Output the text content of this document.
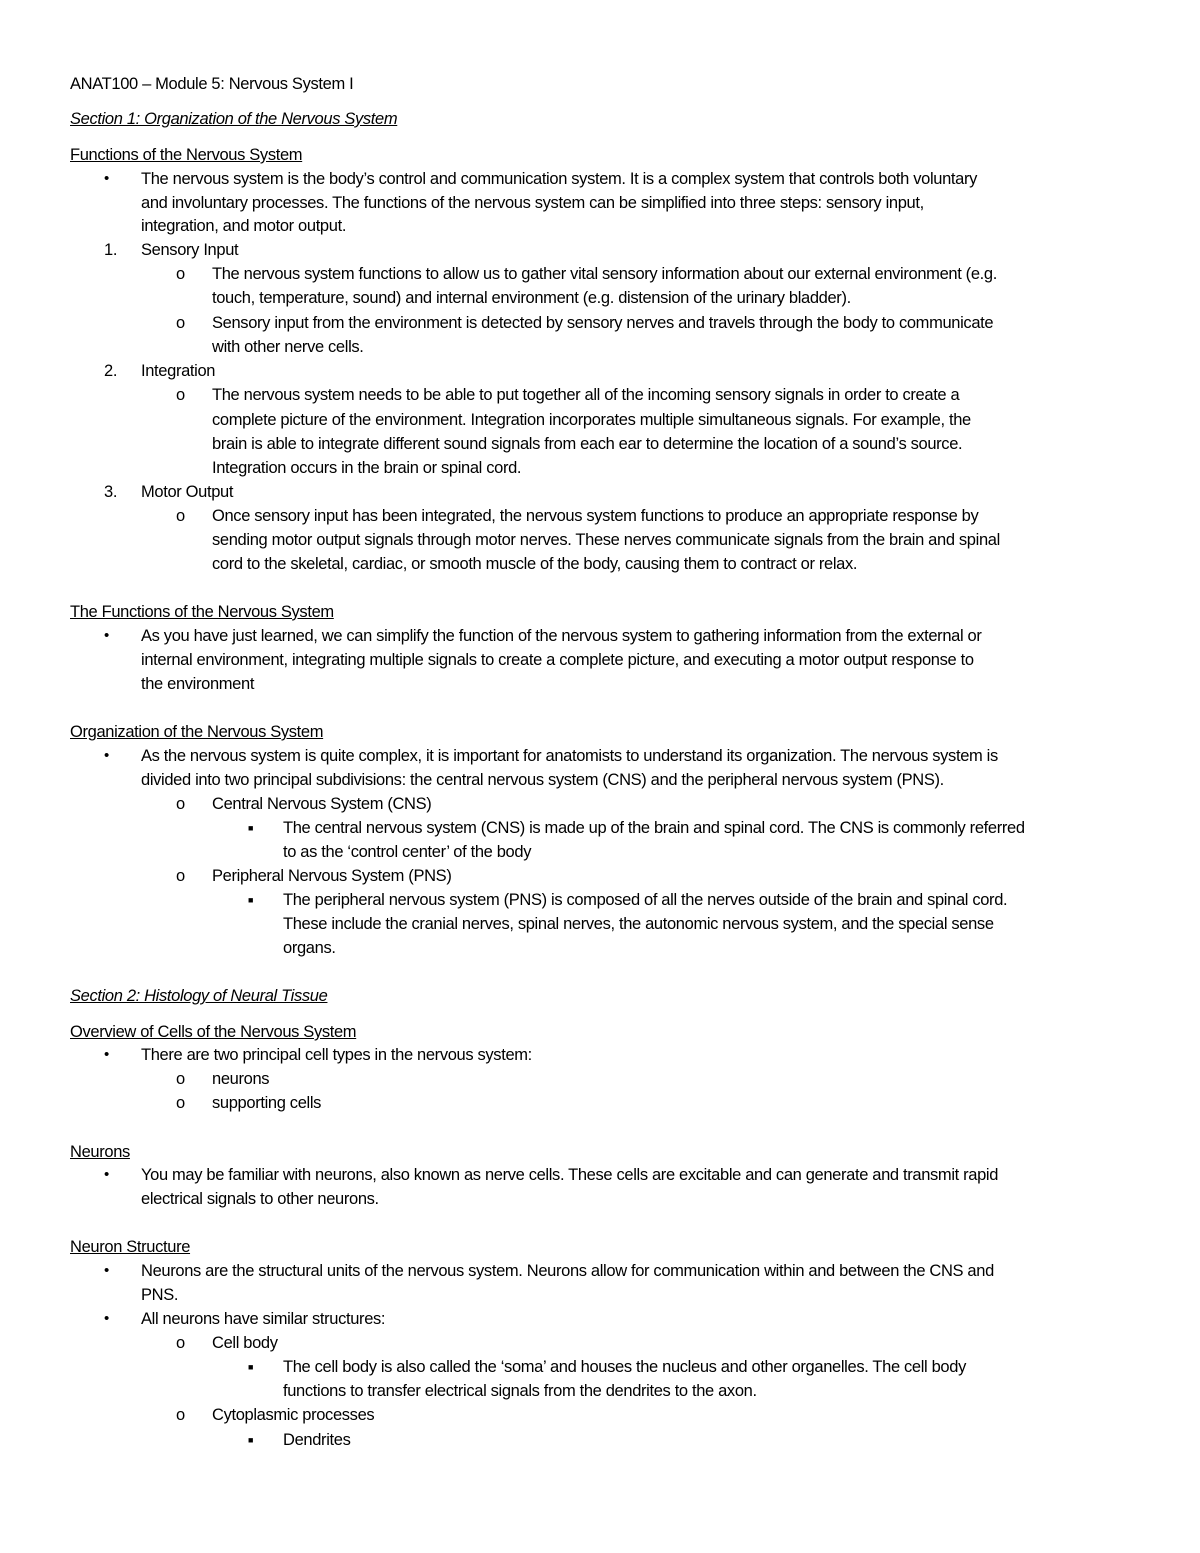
ANAT100 – Module 5: Nervous System I
Section 1: Organization of the Nervous System
Functions of the Nervous System
• The nervous system is the body’s control and communication system. It is a complex system that controls both voluntary
and involuntary processes. The functions of the nervous system can be simplified into three steps: sensory input,
integration, and motor output.
1. Sensory Input
o The nervous system functions to allow us to gather vital sensory information about our external environment (e.g.
touch, temperature, sound) and internal environment (e.g. distension of the urinary bladder).
o Sensory input from the environment is detected by sensory nerves and travels through the body to communicate
with other nerve cells.
2. Integration
o The nervous system needs to be able to put together all of the incoming sensory signals in order to create a
complete picture of the environment. Integration incorporates multiple simultaneous signals. For example, the
brain is able to integrate different sound signals from each ear to determine the location of a sound’s source.
Integration occurs in the brain or spinal cord.
3. Motor Output
o Once sensory input has been integrated, the nervous system functions to produce an appropriate response by
sending motor output signals through motor nerves. These nerves communicate signals from the brain and spinal
cord to the skeletal, cardiac, or smooth muscle of the body, causing them to contract or relax.
The Functions of the Nervous System
• As you have just learned, we can simplify the function of the nervous system to gathering information from the external or
internal environment, integrating multiple signals to create a complete picture, and executing a motor output response to
the environment
Organization of the Nervous System
• As the nervous system is quite complex, it is important for anatomists to understand its organization. The nervous system is
divided into two principal subdivisions: the central nervous system (CNS) and the peripheral nervous system (PNS).
o Central Nervous System (CNS)
■ The central nervous system (CNS) is made up of the brain and spinal cord. The CNS is commonly referred
to as the ‘control center’ of the body
o Peripheral Nervous System (PNS)
■ The peripheral nervous system (PNS) is composed of all the nerves outside of the brain and spinal cord.
These include the cranial nerves, spinal nerves, the autonomic nervous system, and the special sense
organs.
Section 2: Histology of Neural Tissue
Overview of Cells of the Nervous System
• There are two principal cell types in the nervous system:
o neurons
o supporting cells
Neurons
• You may be familiar with neurons, also known as nerve cells. These cells are excitable and can generate and transmit rapid
electrical signals to other neurons.
Neuron Structure
• Neurons are the structural units of the nervous system. Neurons allow for communication within and between the CNS and
PNS.
• All neurons have similar structures:
o Cell body
■ The cell body is also called the ‘soma’ and houses the nucleus and other organelles. The cell body
functions to transfer electrical signals from the dendrites to the axon.
o Cytoplasmic processes
■ Dendrites
